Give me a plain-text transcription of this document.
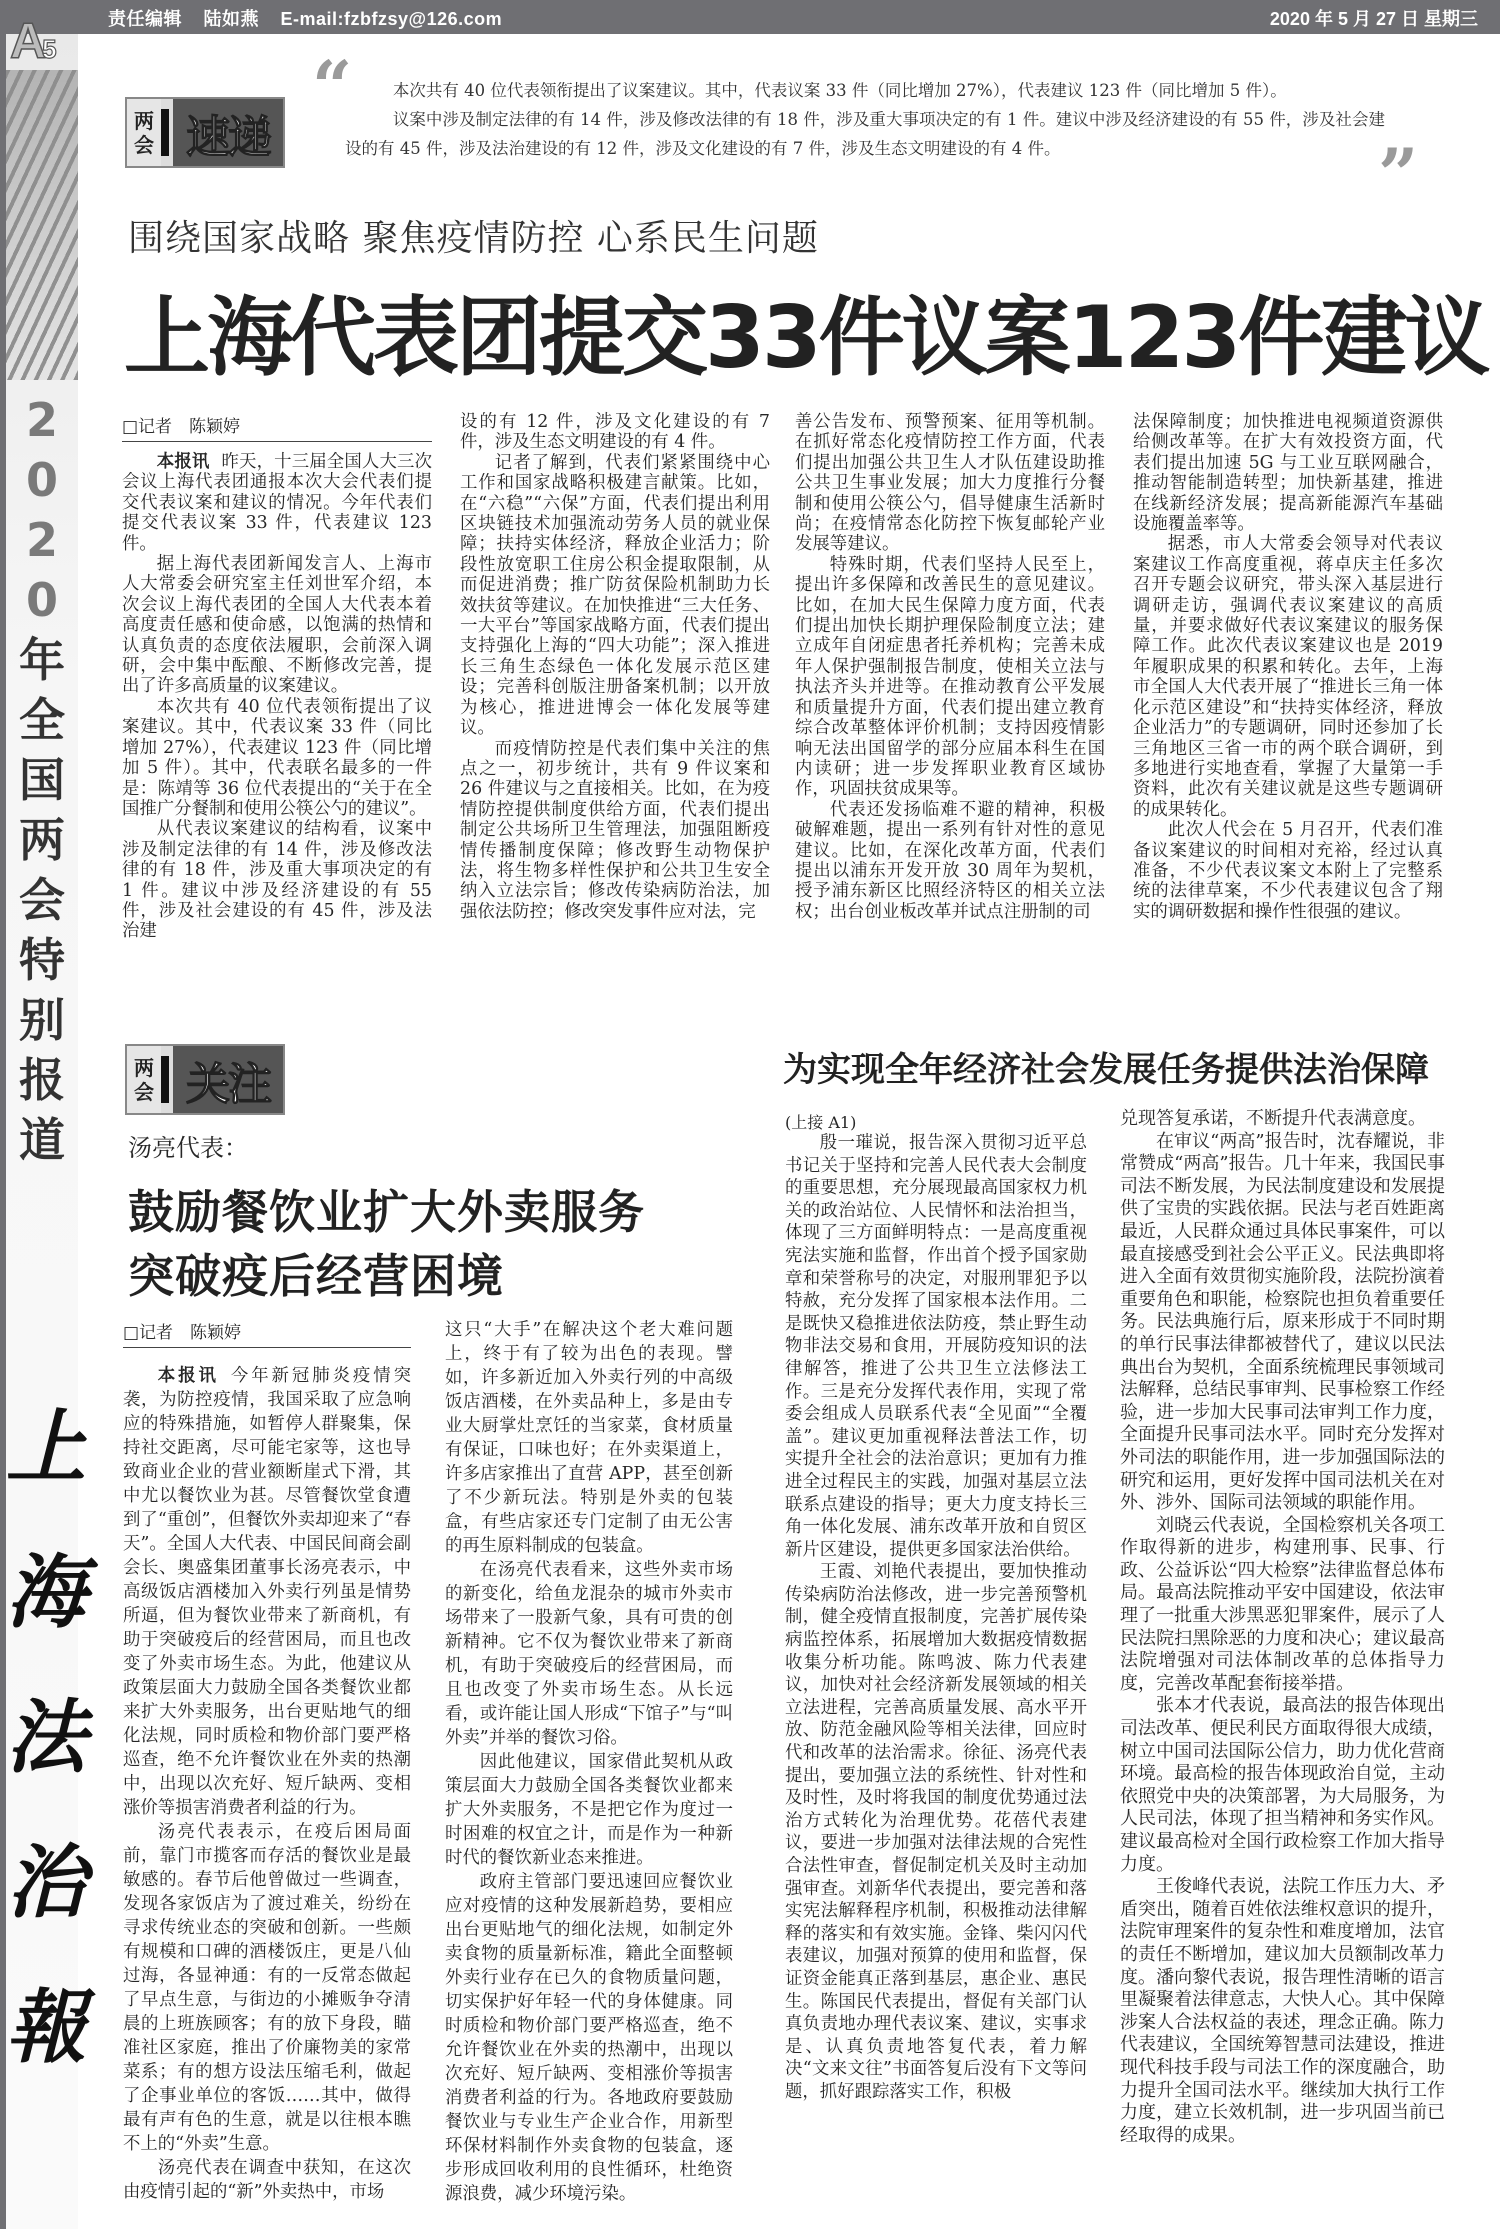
责任编辑 陆如燕 E-mail:fzbfzsy@126.com	2020 年 5 月 27 日 星期三
2
0
2
0
年
全
国
两
会
特
别
报
道
上
海
法
治
報
A5
两
会 速递
“
”

本次共有 40 位代表领衔提出了议案建议。其中，代表议案 33 件（同比增加 27%），代表建议 123 件（同比增加 5 件）。

议案中涉及制定法律的有 14 件，涉及修改法律的有 18 件，涉及重大事项决定的有 1 件。建议中涉及经济建设的有 55 件，涉及社会建设的有 45 件，涉及法治建设的有 12 件，涉及文化建设的有 7 件，涉及生态文明建设的有 4 件。

围绕国家战略 聚焦疫情防控 心系民生问题
上海代表团提交33件议案123件建议
□记者　陈颖婷

本报讯 昨天，十三届全国人大三次会议上海代表团通报本次大会代表们提交代表议案和建议的情况。今年代表们提交代表议案 33 件，代表建议 123 件。

据上海代表团新闻发言人、上海市人大常委会研究室主任刘世军介绍，本次会议上海代表团的全国人大代表本着高度责任感和使命感，以饱满的热情和认真负责的态度依法履职，会前深入调研，会中集中酝酿、不断修改完善，提出了许多高质量的议案建议。

本次共有 40 位代表领衔提出了议案建议。其中，代表议案 33 件（同比增加 27%），代表建议 123 件（同比增加 5 件）。其中，代表联名最多的一件是：陈靖等 36 位代表提出的“关于在全国推广分餐制和使用公筷公勺的建议”。

从代表议案建议的结构看，议案中涉及制定法律的有 14 件，涉及修改法律的有 18 件，涉及重大事项决定的有 1 件。建议中涉及经济建设的有 55 件，涉及社会建设的有 45 件，涉及法治建

设的有 12 件，涉及文化建设的有 7 件，涉及生态文明建设的有 4 件。

记者了解到，代表们紧紧围绕中心工作和国家战略积极建言献策。比如，在“六稳”“六保”方面，代表们提出利用区块链技术加强流动劳务人员的就业保障；扶持实体经济，释放企业活力；阶段性放宽职工住房公积金提取限制，从而促进消费；推广防贫保险机制助力长效扶贫等建议。在加快推进“三大任务、一大平台”等国家战略方面，代表们提出支持强化上海的“四大功能”；深入推进长三角生态绿色一体化发展示范区建设；完善科创版注册备案机制；以开放为核心，推进进博会一体化发展等建议。

而疫情防控是代表们集中关注的焦点之一，初步统计，共有 9 件议案和 26 件建议与之直接相关。比如，在为疫情防控提供制度供给方面，代表们提出制定公共场所卫生管理法，加强阻断疫情传播制度保障；修改野生动物保护法，将生物多样性保护和公共卫生安全纳入立法宗旨；修改传染病防治法，加强依法防控；修改突发事件应对法，完

善公告发布、预警预案、征用等机制。在抓好常态化疫情防控工作方面，代表们提出加强公共卫生人才队伍建设助推公共卫生事业发展；加大力度推行分餐制和使用公筷公勺，倡导健康生活新时尚；在疫情常态化防控下恢复邮轮产业发展等建议。

特殊时期，代表们坚持人民至上，提出许多保障和改善民生的意见建议。比如，在加大民生保障力度方面，代表们提出加快长期护理保险制度立法；建立成年自闭症患者托养机构；完善未成年人保护强制报告制度，使相关立法与执法齐头并进等。在推动教育公平发展和质量提升方面，代表们提出建立教育综合改革整体评价机制；支持因疫情影响无法出国留学的部分应届本科生在国内读研；进一步发挥职业教育区域协作，巩固扶贫成果等。

代表还发扬临难不避的精神，积极破解难题，提出一系列有针对性的意见建议。比如，在深化改革方面，代表们提出以浦东开发开放 30 周年为契机，授予浦东新区比照经济特区的相关立法权；出台创业板改革并试点注册制的司

法保障制度；加快推进电视频道资源供给侧改革等。在扩大有效投资方面，代表们提出加速 5G 与工业互联网融合，推动智能制造转型；加快新基建，推进在线新经济发展；提高新能源汽车基础设施覆盖率等。

据悉，市人大常委会领导对代表议案建议工作高度重视，蒋卓庆主任多次召开专题会议研究，带头深入基层进行调研走访，强调代表议案建议的高质量，并要求做好代表议案建议的服务保障工作。此次代表议案建议也是 2019 年履职成果的积累和转化。去年，上海市全国人大代表开展了“推进长三角一体化示范区建设”和“扶持实体经济，释放企业活力”的专题调研，同时还参加了长三角地区三省一市的两个联合调研，到多地进行实地查看，掌握了大量第一手资料，此次有关建议就是这些专题调研的成果转化。

此次人代会在 5 月召开，代表们准备议案建议的时间相对充裕，经过认真准备，不少代表议案文本附上了完整系统的法律草案，不少代表建议包含了翔实的调研数据和操作性很强的建议。

两
会 关注
汤亮代表：
鼓励餐饮业扩大外卖服务
突破疫后经营困境
□记者　陈颖婷

本报讯 今年新冠肺炎疫情突袭，为防控疫情，我国采取了应急响应的特殊措施，如暂停人群聚集，保持社交距离，尽可能宅家等，这也导致商业企业的营业额断崖式下滑，其中尤以餐饮业为甚。尽管餐饮堂食遭到了“重创”，但餐饮外卖却迎来了“春天”。全国人大代表、中国民间商会副会长、奥盛集团董事长汤亮表示，中高级饭店酒楼加入外卖行列虽是情势所逼，但为餐饮业带来了新商机，有助于突破疫后的经营困局，而且也改变了外卖市场生态。为此，他建议从政策层面大力鼓励全国各类餐饮业都来扩大外卖服务，出台更贴地气的细化法规，同时质检和物价部门要严格巡查，绝不允许餐饮业在外卖的热潮中，出现以次充好、短斤缺两、变相涨价等损害消费者利益的行为。

汤亮代表表示，在疫后困局面前，靠门市揽客而存活的餐饮业是最敏感的。春节后他曾做过一些调查，发现各家饭店为了渡过难关，纷纷在寻求传统业态的突破和创新。一些颇有规模和口碑的酒楼饭庄，更是八仙过海，各显神通：有的一反常态做起了早点生意，与街边的小摊贩争夺清晨的上班族顾客；有的放下身段，瞄准社区家庭，推出了价廉物美的家常菜系；有的想方设法压缩毛利，做起了企事业单位的客饭……其中，做得最有声有色的生意，就是以往根本瞧不上的“外卖”生意。

汤亮代表在调查中获知，在这次由疫情引起的“新”外卖热中，市场

这只“大手”在解决这个老大难问题上，终于有了较为出色的表现。譬如，许多新近加入外卖行列的中高级饭店酒楼，在外卖品种上，多是由专业大厨掌灶烹饪的当家菜，食材质量有保证，口味也好；在外卖渠道上，许多店家推出了直营 APP，甚至创新了不少新玩法。特别是外卖的包装盒，有些店家还专门定制了由无公害的再生原料制成的包装盒。

在汤亮代表看来，这些外卖市场的新变化，给鱼龙混杂的城市外卖市场带来了一股新气象，具有可贵的创新精神。它不仅为餐饮业带来了新商机，有助于突破疫后的经营困局，而且也改变了外卖市场生态。从长远看，或许能让国人形成“下馆子”与“叫外卖”并举的餐饮习俗。

因此他建议，国家借此契机从政策层面大力鼓励全国各类餐饮业都来扩大外卖服务，不是把它作为度过一时困难的权宜之计，而是作为一种新时代的餐饮新业态来推进。

政府主管部门要迅速回应餐饮业应对疫情的这种发展新趋势，要相应出台更贴地气的细化法规，如制定外卖食物的质量新标准，籍此全面整顿外卖行业存在已久的食物质量问题，切实保护好年轻一代的身体健康。同时质检和物价部门要严格巡查，绝不允许餐饮业在外卖的热潮中，出现以次充好、短斤缺两、变相涨价等损害消费者利益的行为。各地政府要鼓励餐饮业与专业生产企业合作，用新型环保材料制作外卖食物的包装盒，逐步形成回收利用的良性循环，杜绝资源浪费，减少环境污染。

为实现全年经济社会发展任务提供法治保障
(上接 A1)

殷一璀说，报告深入贯彻习近平总书记关于坚持和完善人民代表大会制度的重要思想，充分展现最高国家权力机关的政治站位、人民情怀和法治担当，体现了三方面鲜明特点：一是高度重视宪法实施和监督，作出首个授予国家勋章和荣誉称号的决定，对服刑罪犯予以特赦，充分发挥了国家根本法作用。二是既快又稳推进依法防疫，禁止野生动物非法交易和食用，开展防疫知识的法律解答，推进了公共卫生立法修法工作。三是充分发挥代表作用，实现了常委会组成人员联系代表“全见面”“全覆盖”。建议更加重视释法普法工作，切实提升全社会的法治意识；更加有力推进全过程民主的实践，加强对基层立法联系点建设的指导；更大力度支持长三角一体化发展、浦东改革开放和自贸区新片区建设，提供更多国家法治供给。

王霞、刘艳代表提出，要加快推动传染病防治法修改，进一步完善预警机制，健全疫情直报制度，完善扩展传染病监控体系，拓展增加大数据疫情数据收集分析功能。陈鸣波、陈力代表建议，加快对社会经济新发展领域的相关立法进程，完善高质量发展、高水平开放、防范金融风险等相关法律，回应时代和改革的法治需求。徐征、汤亮代表提出，要加强立法的系统性、针对性和及时性，及时将我国的制度优势通过法治方式转化为治理优势。花蓓代表建议，要进一步加强对法律法规的合宪性合法性审查，督促制定机关及时主动加强审查。刘新华代表提出，要完善和落实宪法解释程序机制，积极推动法律解释的落实和有效实施。金锋、柴闪闪代表建议，加强对预算的使用和监督，保证资金能真正落到基层，惠企业、惠民生。陈国民代表提出，督促有关部门认真负责地办理代表议案、建议，实事求是、认真负责地答复代表，着力解决“文来文往”书面答复后没有下文等问题，抓好跟踪落实工作，积极

兑现答复承诺，不断提升代表满意度。

在审议“两高”报告时，沈春耀说，非常赞成“两高”报告。几十年来，我国民事司法不断发展，为民法制度建设和发展提供了宝贵的实践依据。民法与老百姓距离最近，人民群众通过具体民事案件，可以最直接感受到社会公平正义。民法典即将进入全面有效贯彻实施阶段，法院扮演着重要角色和职能，检察院也担负着重要任务。民法典施行后，原来形成于不同时期的单行民事法律都被替代了，建议以民法典出台为契机，全面系统梳理民事领域司法解释，总结民事审判、民事检察工作经验，进一步加大民事司法审判工作力度，全面提升民事司法水平。同时充分发挥对外司法的职能作用，进一步加强国际法的研究和运用，更好发挥中国司法机关在对外、涉外、国际司法领域的职能作用。

刘晓云代表说，全国检察机关各项工作取得新的进步，构建刑事、民事、行政、公益诉讼“四大检察”法律监督总体布局。最高法院推动平安中国建设，依法审理了一批重大涉黑恶犯罪案件，展示了人民法院扫黑除恶的力度和决心；建议最高法院增强对司法体制改革的总体指导力度，完善改革配套衔接举措。

张本才代表说，最高法的报告体现出司法改革、便民利民方面取得很大成绩，树立中国司法国际公信力，助力优化营商环境。最高检的报告体现政治自觉，主动依照党中央的决策部署，为大局服务，为人民司法，体现了担当精神和务实作风。建议最高检对全国行政检察工作加大指导力度。

王俊峰代表说，法院工作压力大、矛盾突出，随着百姓依法维权意识的提升，法院审理案件的复杂性和难度增加，法官的责任不断增加，建议加大员额制改革力度。潘向黎代表说，报告理性清晰的语言里凝聚着法律意志，大快人心。其中保障涉案人合法权益的表述，理念正确。陈力代表建议，全国统筹智慧司法建设，推进现代科技手段与司法工作的深度融合，助力提升全国司法水平。继续加大执行工作力度，建立长效机制，进一步巩固当前已经取得的成果。
